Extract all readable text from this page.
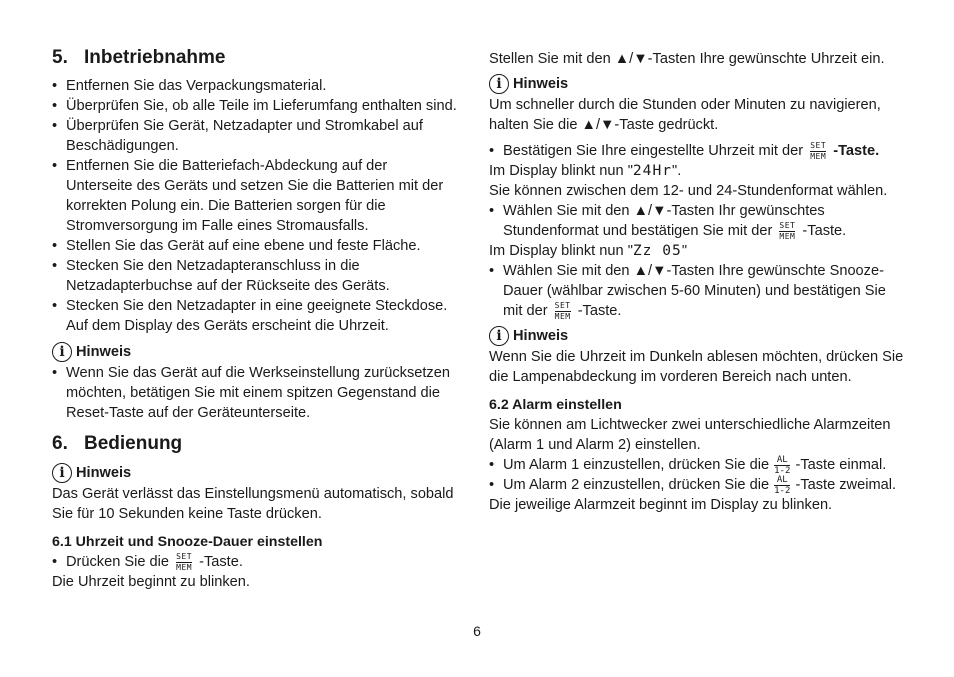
5. Inbetriebnahme
• Entfernen Sie das Verpackungsmaterial.
• Überprüfen Sie, ob alle Teile im Lieferumfang enthalten sind.
• Überprüfen Sie Gerät, Netzadapter und Stromkabel auf Beschädigungen.
• Entfernen Sie die Batteriefach-Abdeckung auf der Unterseite des Geräts und setzen Sie die Batterien mit der korrekten Polung ein. Die Batterien sorgen für die Stromversorgung im Falle eines Stromausfalls.
• Stellen Sie das Gerät auf eine ebene und feste Fläche.
• Stecken Sie den Netzadapteranschluss in die Netzadapterbuchse auf der Rückseite des Geräts.
• Stecken Sie den Netzadapter in eine geeignete Steckdose. Auf dem Display des Geräts erscheint die Uhrzeit.
i Hinweis
• Wenn Sie das Gerät auf die Werkseinstellung zurücksetzen möchten, betätigen Sie mit einem spitzen Gegenstand die Reset-Taste auf der Geräteunterseite.
6. Bedienung
i Hinweis

Das Gerät verlässt das Einstellungsmenü automatisch, sobald Sie für 10 Sekunden keine Taste drücken.

6.1 Uhrzeit und Snooze-Dauer einstellen
• Drücken Sie die SET
MEM -Taste.

Die Uhrzeit beginnt zu blinken.

Stellen Sie mit den ▲/▼-Tasten Ihre gewünschte Uhrzeit ein.

i Hinweis

Um schneller durch die Stunden oder Minuten zu navigieren, halten Sie die ▲/▼-Taste gedrückt.

• Bestätigen Sie Ihre eingestellte Uhrzeit mit der SET
MEM -Taste.

Im Display blinkt nun "24Hr".

Sie können zwischen dem 12- und 24-Stundenformat wählen.

• Wählen Sie mit den ▲/▼-Tasten Ihr gewünschtes Stundenformat und bestätigen Sie mit der SET
MEM -Taste.

Im Display blinkt nun "Zz 05"

• Wählen Sie mit den ▲/▼-Tasten Ihre gewünschte Snooze-Dauer (wählbar zwischen 5-60 Minuten) und bestätigen Sie mit der SET
MEM -Taste.
i Hinweis

Wenn Sie die Uhrzeit im Dunkeln ablesen möchten, drücken Sie die Lampenabdeckung im vorderen Bereich nach unten.

6.2 Alarm einstellen

Sie können am Lichtwecker zwei unterschiedliche Alarmzeiten (Alarm 1 und Alarm 2) einstellen.

• Um Alarm 1 einzustellen, drücken Sie die $\frac{AL}{1-2}$ -Taste einmal.
• Um Alarm 2 einzustellen, drücken Sie die $\frac{AL}{1-2}$ -Taste zweimal.

Die jeweilige Alarmzeit beginnt im Display zu blinken.

6
